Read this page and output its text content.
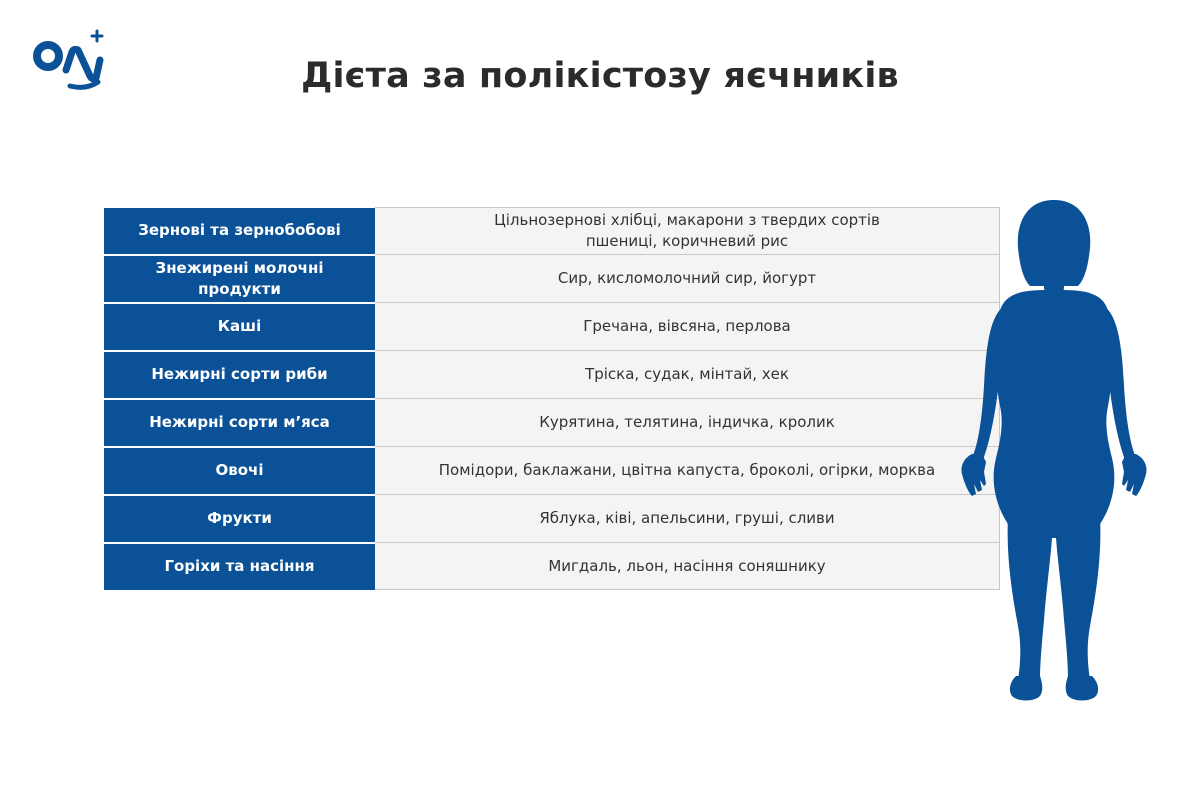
Дієта за полікістозу яєчників
Зернові та зернобобові	Цільнозернові хлібці, макарони з твердих сортів пшениці, коричневий рис
Знежирені молочні продукти	Сир, кисломолочний сир, йогурт
Каші	Гречана, вівсяна, перлова
Нежирні сорти риби	Тріска, судак, мінтай, хек
Нежирні сорти м’яса	Курятина, телятина, індичка, кролик
Овочі	Помідори, баклажани, цвітна капуста, броколі, огірки, морква
Фрукти	Яблука, ківі, апельсини, груші, сливи
Горіхи та насіння	Мигдаль, льон, насіння соняшнику
